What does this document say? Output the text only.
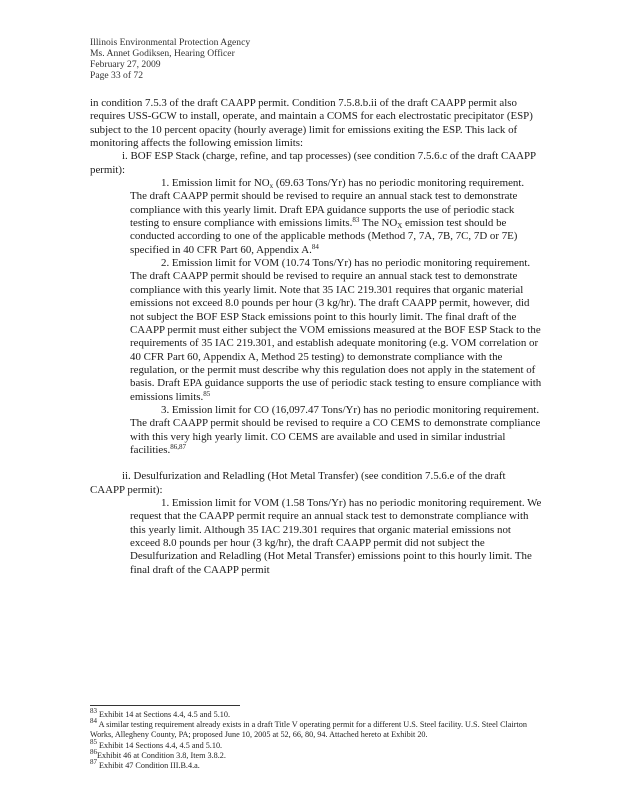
Illinois Environmental Protection Agency
Ms. Annet Godiksen, Hearing Officer
February 27, 2009
Page 33 of 72

in condition 7.5.3 of the draft CAAPP permit. Condition 7.5.8.b.ii of the draft CAAPP permit also requires USS-GCW to install, operate, and maintain a COMS for each electrostatic precipitator (ESP) subject to the 10 percent opacity (hourly average) limit for emissions exiting the ESP. This lack of monitoring affects the following emission limits:

i. BOF ESP Stack (charge, refine, and tap processes) (see condition 7.5.6.c of the draft CAAPP permit):

1. Emission limit for $NO_x$ (69.63 Tons/Yr) has no periodic monitoring requirement. The draft CAAPP permit should be revised to require an annual stack test to demonstrate compliance with this yearly limit. Draft EPA guidance supports the use of periodic stack testing to ensure compliance with emissions limits.$^{83}$ The $NO_X$ emission test should be conducted according to one of the applicable methods (Method 7, 7A, 7B, 7C, 7D or 7E) specified in 40 CFR Part 60, Appendix A.$^{84}$

2. Emission limit for VOM (10.74 Tons/Yr) has no periodic monitoring requirement. The draft CAAPP permit should be revised to require an annual stack test to demonstrate compliance with this yearly limit. Note that 35 IAC 219.301 requires that organic material emissions not exceed 8.0 pounds per hour (3 kg/hr). The draft CAAPP permit, however, did not subject the BOF ESP Stack emissions point to this hourly limit. The final draft of the CAAPP permit must either subject the VOM emissions measured at the BOF ESP Stack to the requirements of 35 IAC 219.301, and establish adequate monitoring (e.g. VOM correlation or 40 CFR Part 60, Appendix A, Method 25 testing) to demonstrate compliance with the regulation, or the permit must describe why this regulation does not apply in the statement of basis. Draft EPA guidance supports the use of periodic stack testing to ensure compliance with emissions limits.$^{85}$

3. Emission limit for CO (16,097.47 Tons/Yr) has no periodic monitoring requirement. The draft CAAPP permit should be revised to require a CO CEMS to demonstrate compliance with this very high yearly limit. CO CEMS are available and used in similar industrial facilities.$^{86,87}$

ii. Desulfurization and Reladling (Hot Metal Transfer) (see condition 7.5.6.e of the draft CAAPP permit):

1. Emission limit for VOM (1.58 Tons/Yr) has no periodic monitoring requirement. We request that the CAAPP permit require an annual stack test to demonstrate compliance with this yearly limit. Although 35 IAC 219.301 requires that organic material emissions not exceed 8.0 pounds per hour (3 kg/hr), the draft CAAPP permit did not subject the Desulfurization and Reladling (Hot Metal Transfer) emissions point to this hourly limit. The final draft of the CAAPP permit

$^{83}$ Exhibit 14 at Sections 4.4, 4.5 and 5.10.
$^{84}$ A similar testing requirement already exists in a draft Title V operating permit for a different U.S. Steel facility. U.S. Steel Clairton Works, Allegheny County, PA; proposed June 10, 2005 at 52, 66, 80, 94. Attached hereto at Exhibit 20.
$^{85}$ Exhibit 14 Sections 4.4, 4.5 and 5.10.
$^{86}$Exhibit 46 at Condition 3.8, Item 3.8.2.
$^{87}$ Exhibit 47 Condition III.B.4.a.
